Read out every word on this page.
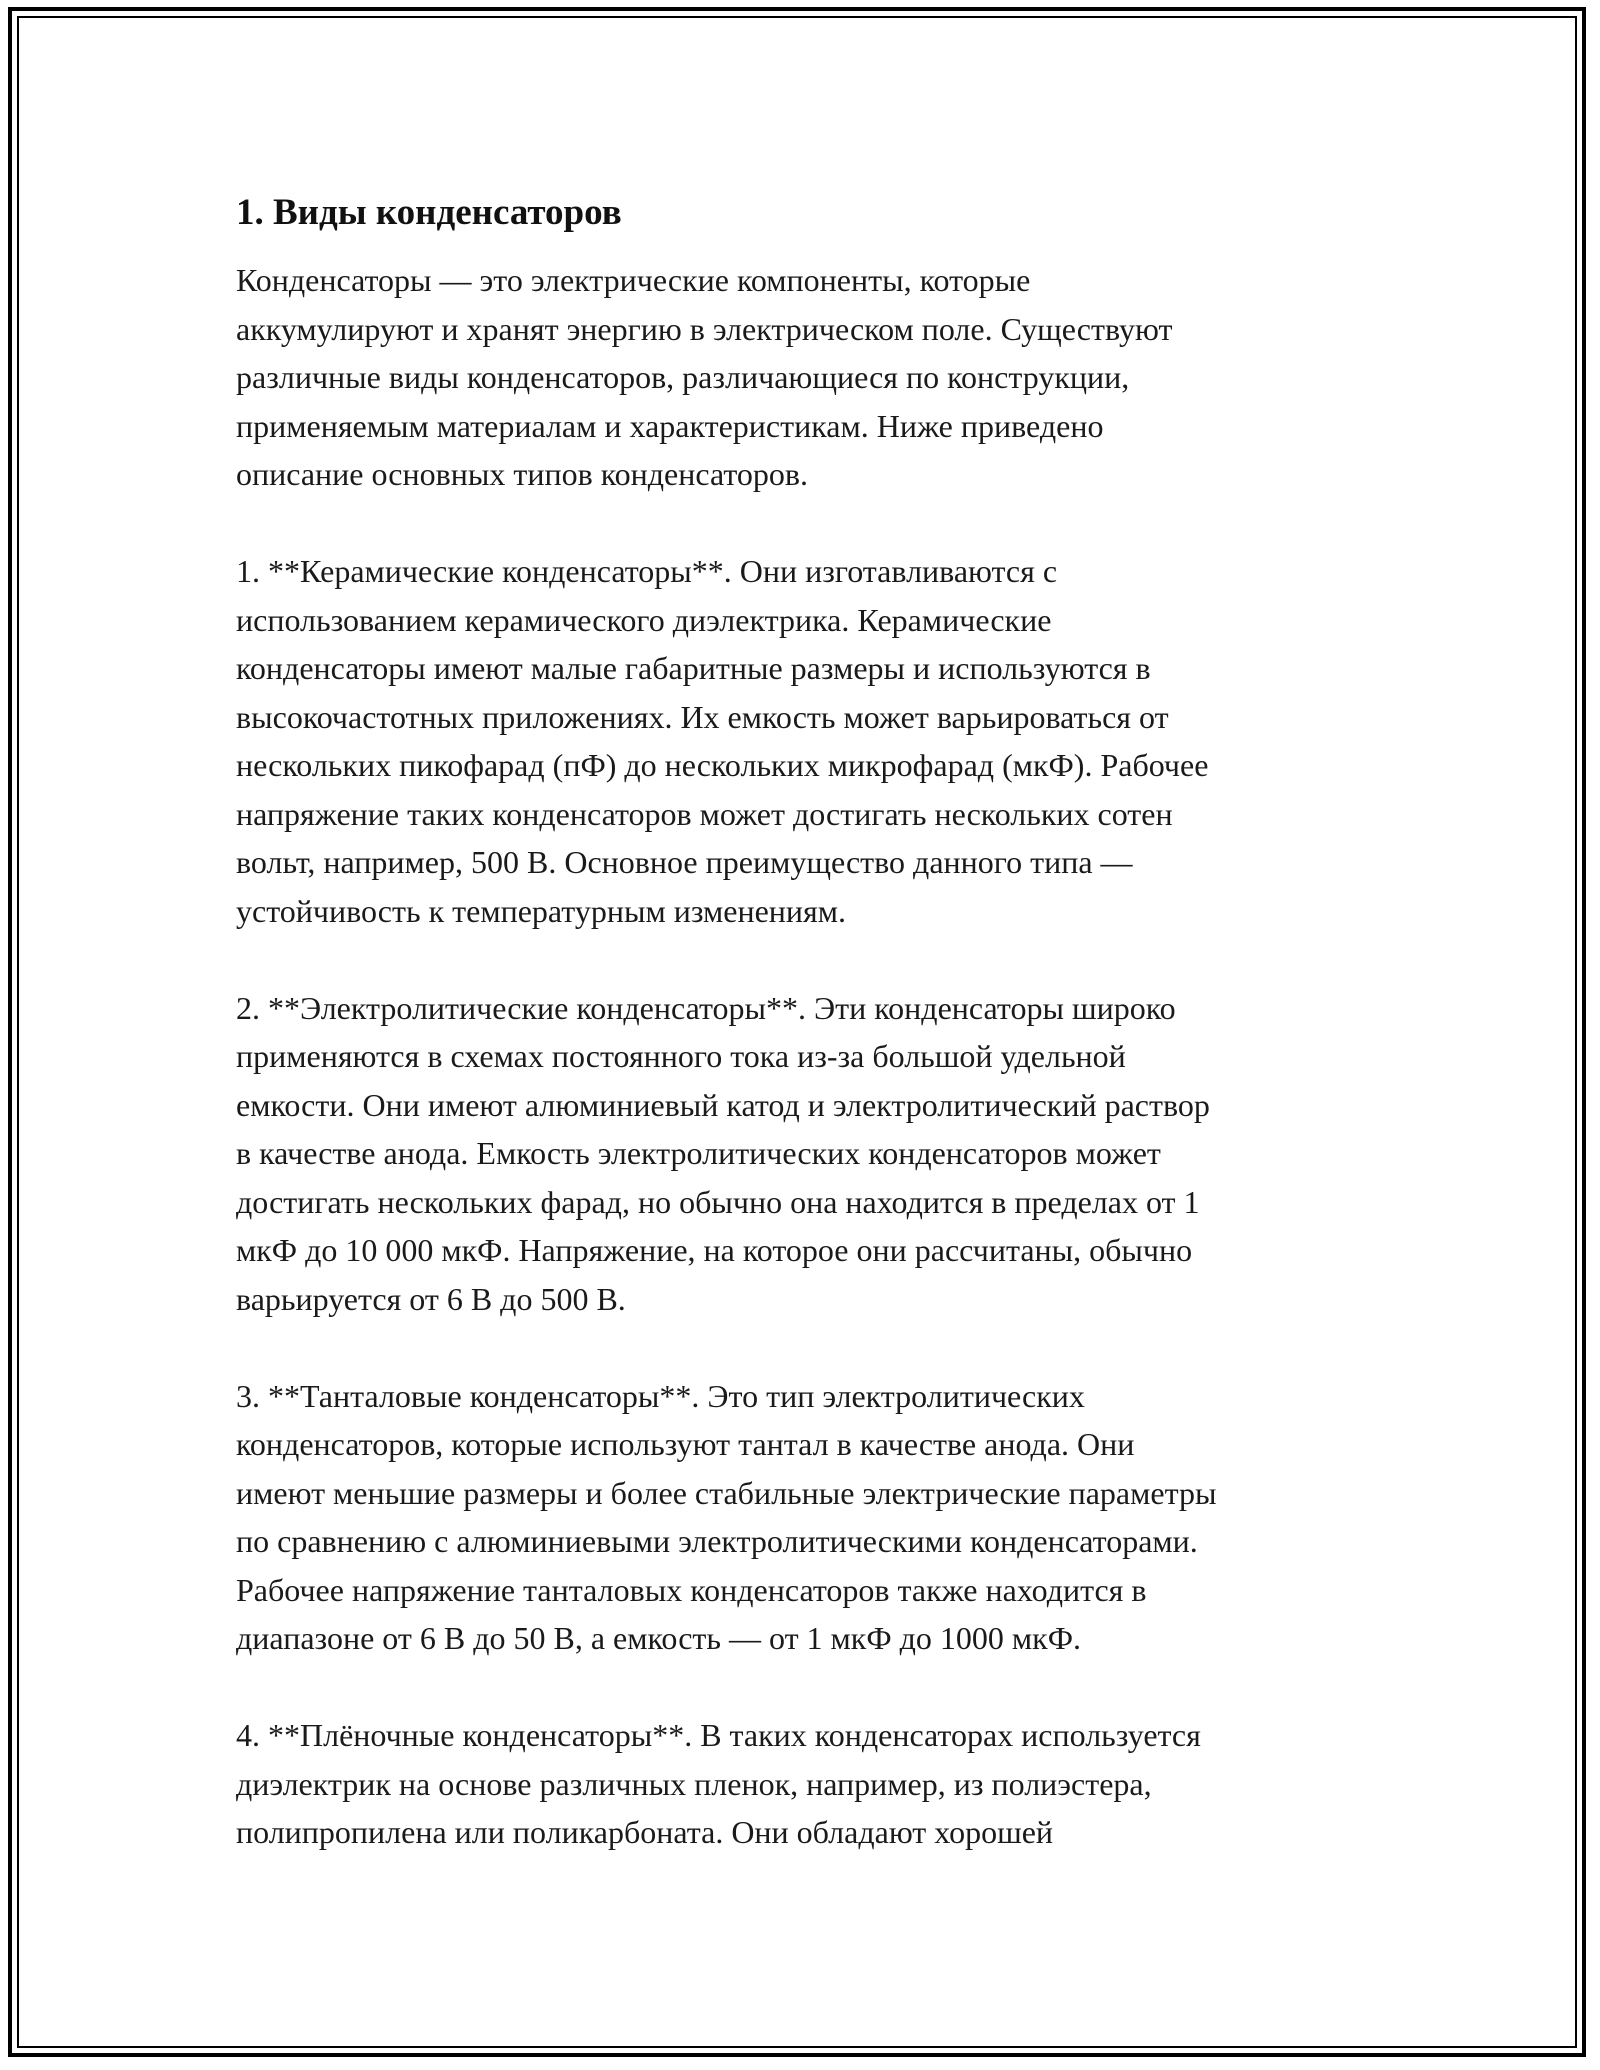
1. Виды конденсаторов
Конденсаторы — это электрические компоненты, которые
аккумулируют и хранят энергию в электрическом поле. Существуют
различные виды конденсаторов, различающиеся по конструкции,
применяемым материалам и характеристикам. Ниже приведено
описание основных типов конденсаторов.
1. **Керамические конденсаторы**. Они изготавливаются с
использованием керамического диэлектрика. Керамические
конденсаторы имеют малые габаритные размеры и используются в
высокочастотных приложениях. Их емкость может варьироваться от
нескольких пикофарад (пФ) до нескольких микрофарад (мкФ). Рабочее
напряжение таких конденсаторов может достигать нескольких сотен
вольт, например, 500 В. Основное преимущество данного типа —
устойчивость к температурным изменениям.
2. **Электролитические конденсаторы**. Эти конденсаторы широко
применяются в схемах постоянного тока из-за большой удельной
емкости. Они имеют алюминиевый катод и электролитический раствор
в качестве анода. Емкость электролитических конденсаторов может
достигать нескольких фарад, но обычно она находится в пределах от 1
мкФ до 10 000 мкФ. Напряжение, на которое они рассчитаны, обычно
варьируется от 6 В до 500 В.
3. **Танталовые конденсаторы**. Это тип электролитических
конденсаторов, которые используют тантал в качестве анода. Они
имеют меньшие размеры и более стабильные электрические параметры
по сравнению с алюминиевыми электролитическими конденсаторами.
Рабочее напряжение танталовых конденсаторов также находится в
диапазоне от 6 В до 50 В, а емкость — от 1 мкФ до 1000 мкФ.
4. **Плёночные конденсаторы**. В таких конденсаторах используется
диэлектрик на основе различных пленок, например, из полиэстера,
полипропилена или поликарбоната. Они обладают хорошей
